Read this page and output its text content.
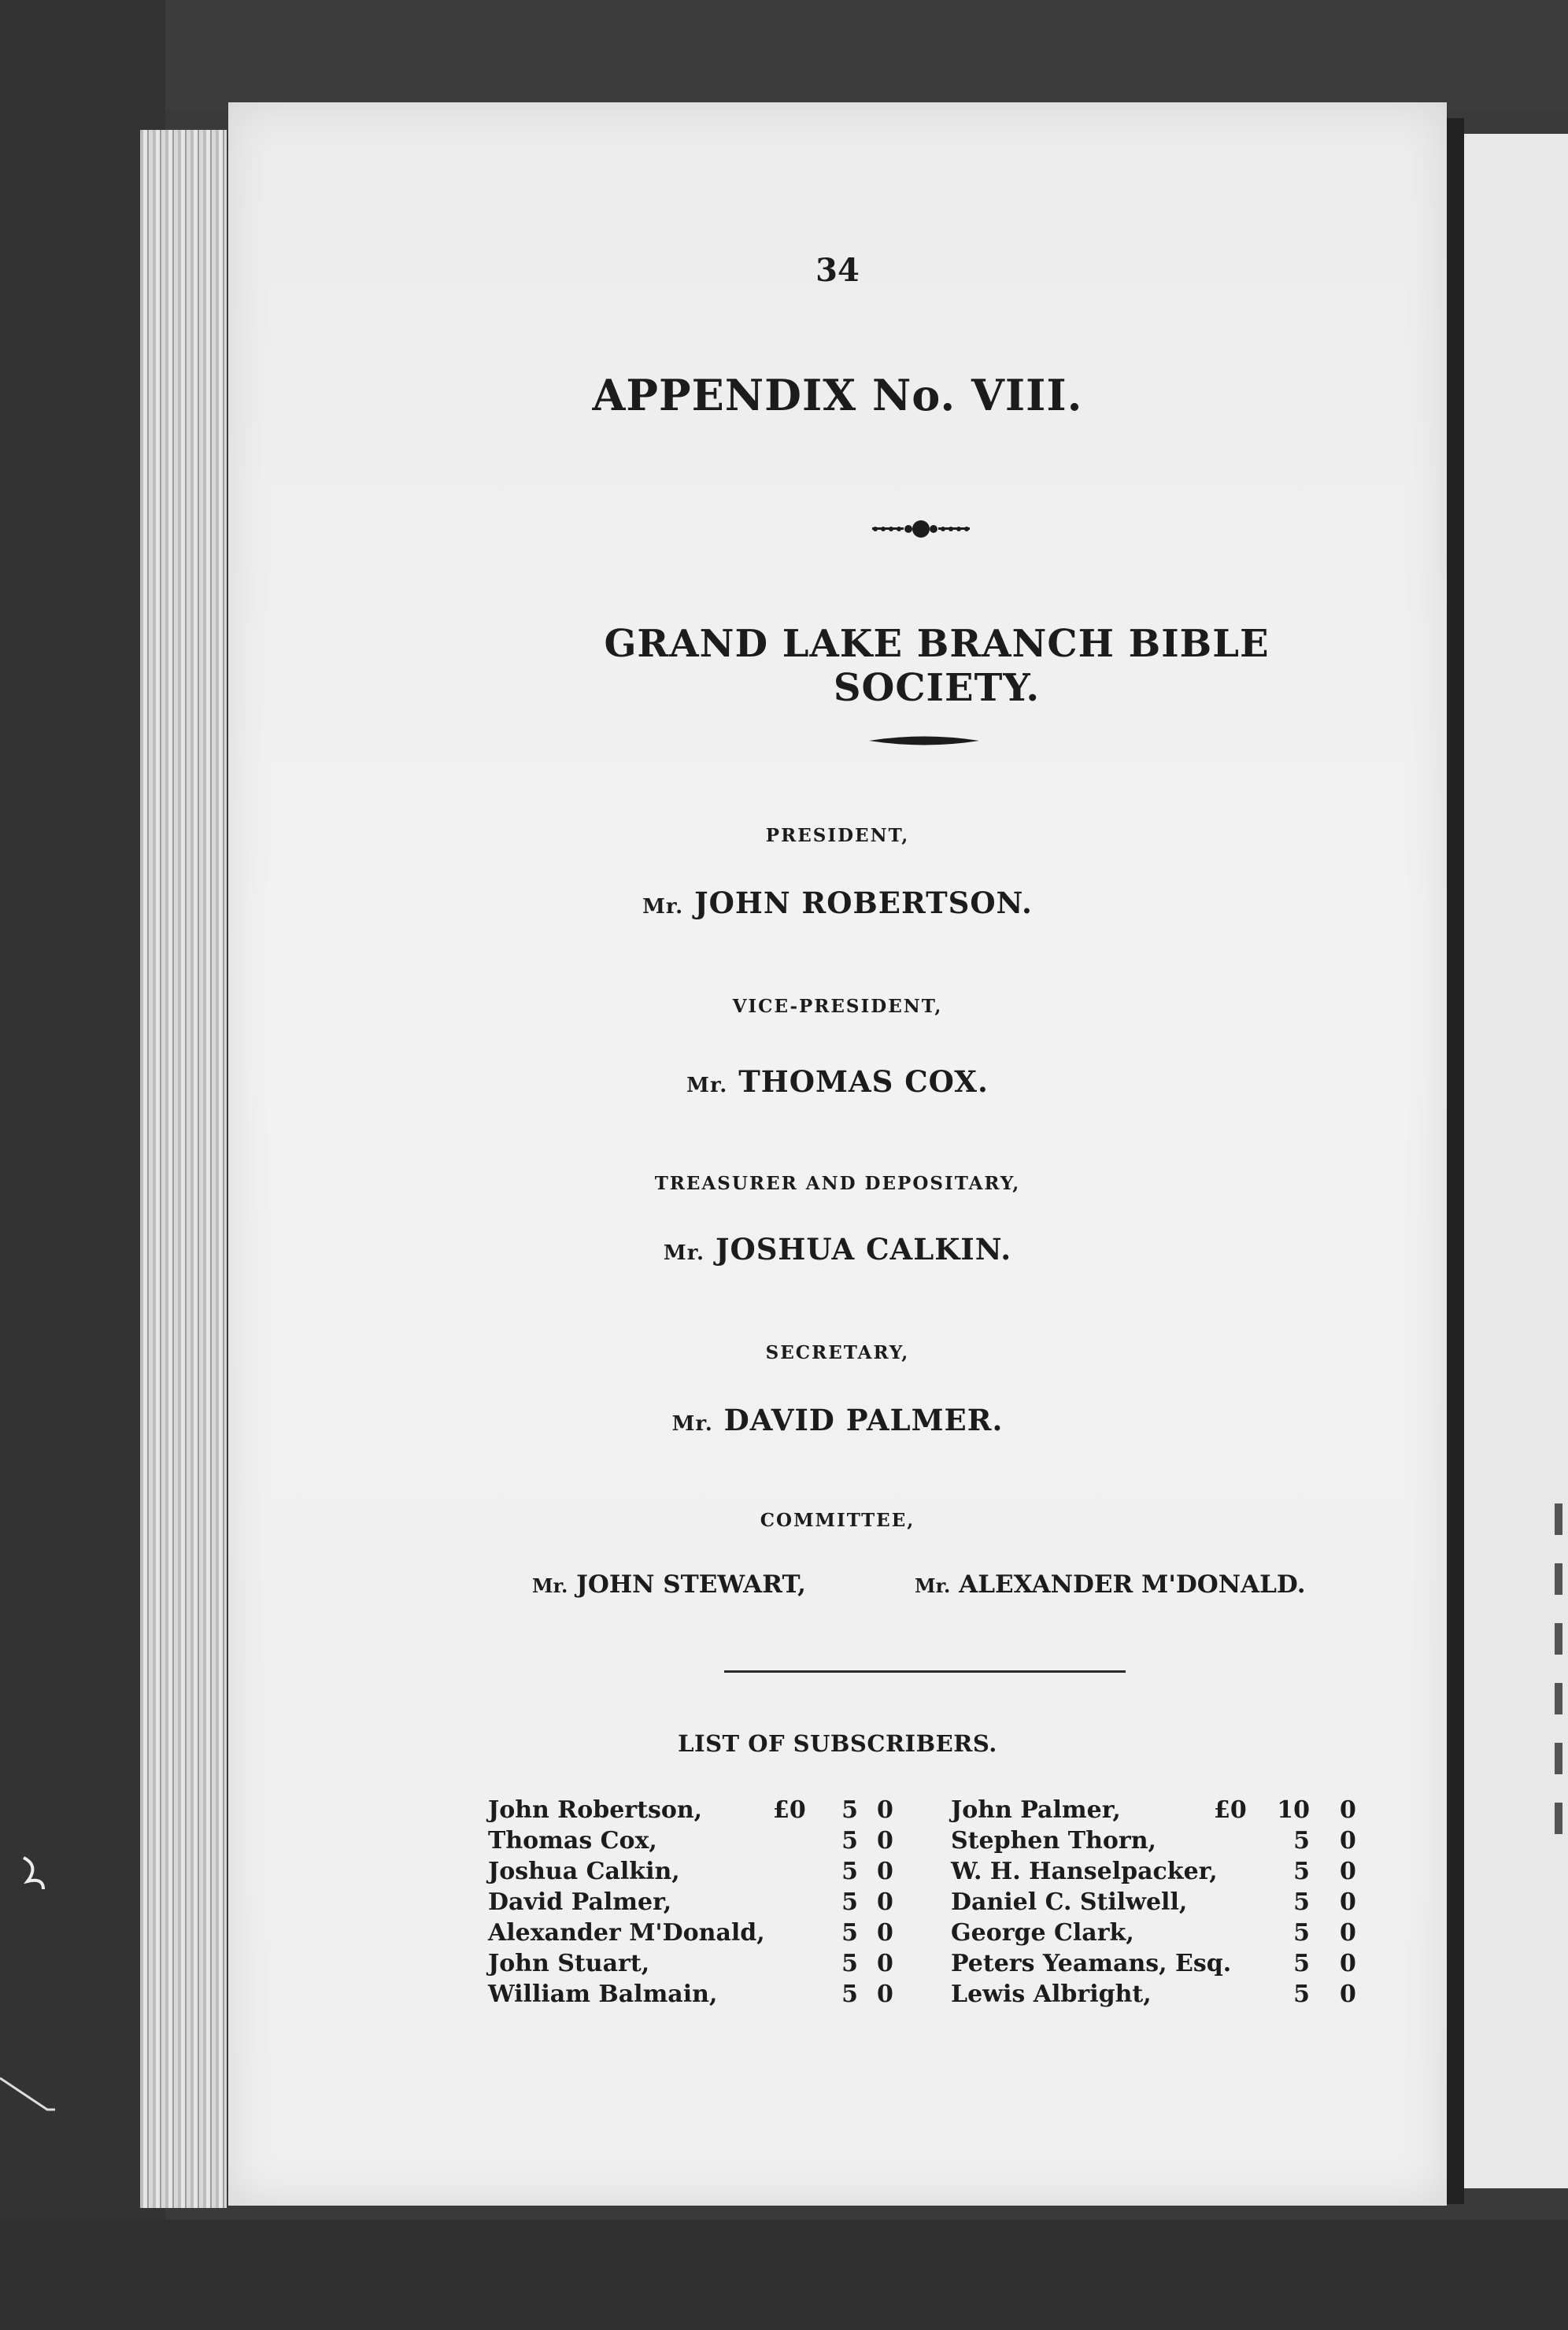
34
APPENDIX No. VIII.
GRAND LAKE BRANCH BIBLE SOCIETY.
PRESIDENT,
Mr. JOHN ROBERTSON.
VICE-PRESIDENT,
Mr. THOMAS COX.
TREASURER AND DEPOSITARY,
Mr. JOSHUA CALKIN.
SECRETARY,
Mr. DAVID PALMER.
COMMITTEE,
Mr. JOHN STEWART,	Mr. ALEXANDER M'DONALD.
LIST OF SUBSCRIBERS.
John Robertson,	£0	5 0
Thomas Cox,	5 0
Joshua Calkin,	5 0
David Palmer,	5 0
Alexander M'Donald,	5 0
John Stuart,	5 0
William Balmain,	5 0
John Palmer,	£0 10 0
Stephen Thorn,	5 0
W. H. Hanselpacker,	5 0
Daniel C. Stilwell,	5 0
George Clark,	5 0
Peters Yeamans, Esq.	5 0
Lewis Albright,	5 0
